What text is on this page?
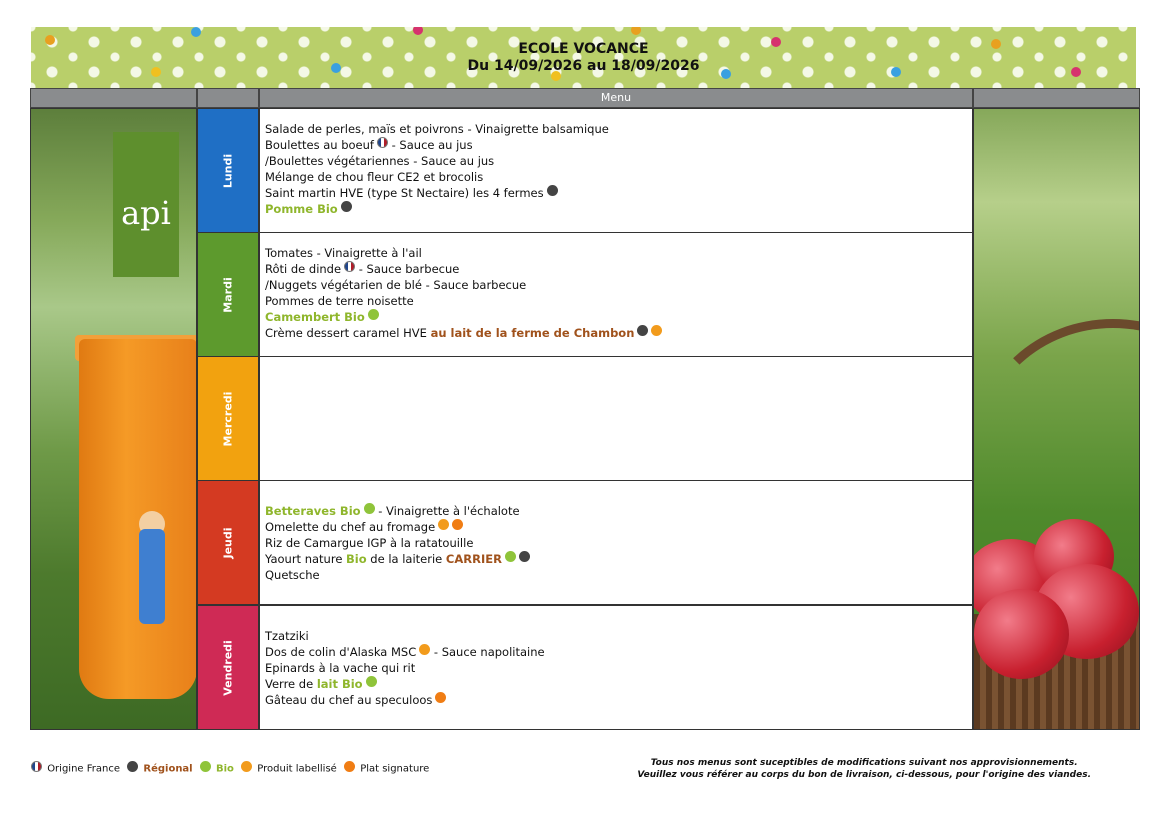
ECOLE VOCANCE
Du 14/09/2026 au 18/09/2026
Menu
api
Lundi
Salade de perles, maïs et poivrons - Vinaigrette balsamique
Boulettes au boeuf - Sauce au jus
/Boulettes végétariennes - Sauce au jus
Mélange de chou fleur CE2 et brocolis
Saint martin HVE (type St Nectaire) les 4 fermes
Pomme Bio
Mardi
Tomates - Vinaigrette à l'ail
Rôti de dinde - Sauce barbecue
/Nuggets végétarien de blé - Sauce barbecue
Pommes de terre noisette
Camembert Bio
Crème dessert caramel HVE au lait de la ferme de Chambon
Mercredi
Jeudi
Betteraves Bio - Vinaigrette à l'échalote
Omelette du chef au fromage
Riz de Camargue IGP à la ratatouille
Yaourt nature Bio de la laiterie CARRIER
Quetsche
Vendredi
Tzatziki
Dos de colin d'Alaska MSC - Sauce napolitaine
Epinards à la vache qui rit
Verre de lait Bio
Gâteau du chef au speculoos
Origine France Régional Bio Produit labellisé Plat signature
Tous nos menus sont suceptibles de modifications suivant nos approvisionnements.
Veuillez vous référer au corps du bon de livraison, ci-dessous, pour l'origine des viandes.
